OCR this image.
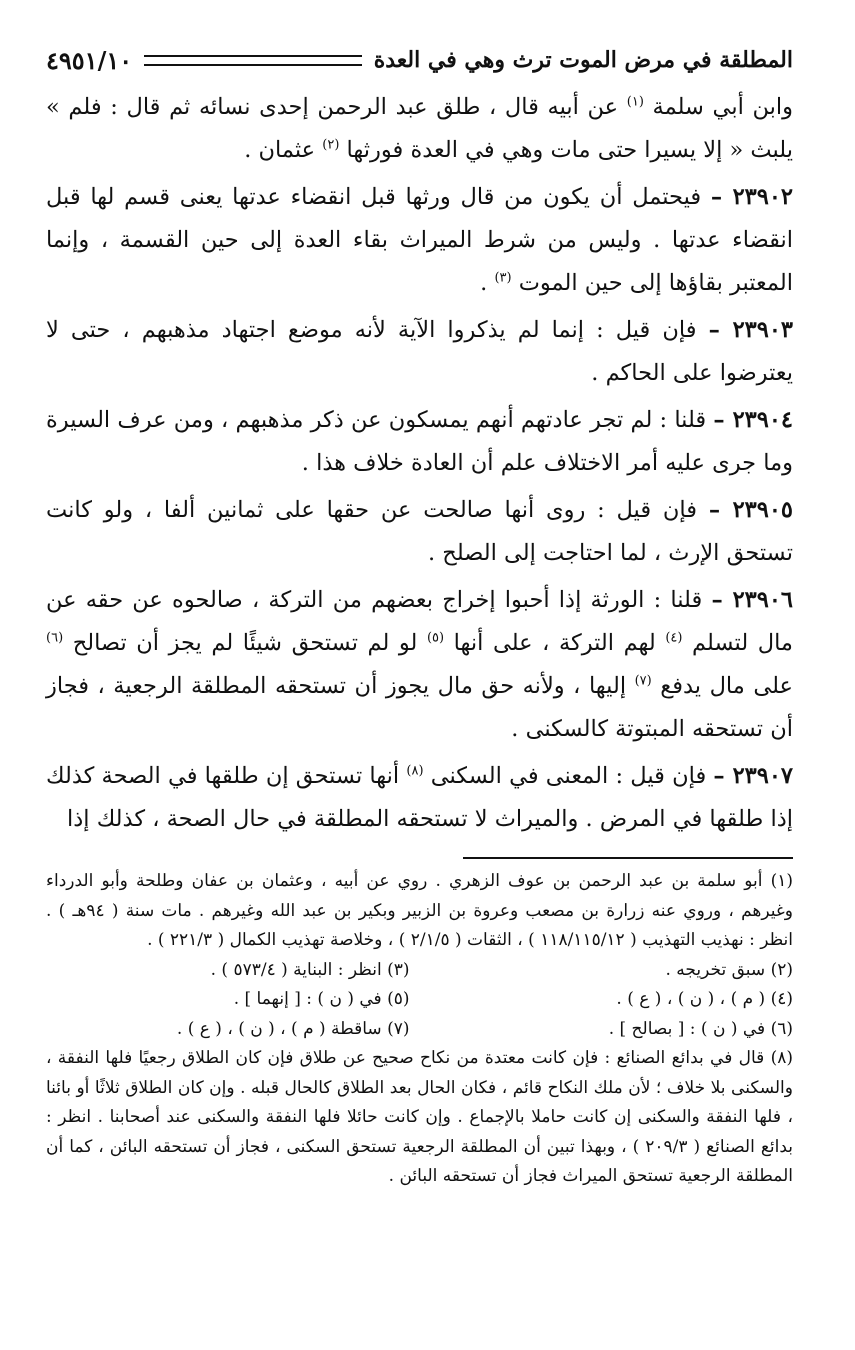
المطلقة في مرض الموت ترث وهي في العدة
٤٩٥١/١٠

وابن أبي سلمة $^{(١)}$ عن أبيه قال ، طلق عبد الرحمن إحدى نسائه ثم قال : فلم » يلبث « إلا يسيرا حتى مات وهي في العدة فورثها $^{(٢)}$ عثمان .

٢٣٩٠٢ – فيحتمل أن يكون من قال ورثها قبل انقضاء عدتها يعنى قسم لها قبل انقضاء عدتها . وليس من شرط الميراث بقاء العدة إلى حين القسمة ، وإنما المعتبر بقاؤها إلى حين الموت $^{(٣)}$ .

٢٣٩٠٣ – فإن قيل : إنما لم يذكروا الآية لأنه موضع اجتهاد مذهبهم ، حتى لا يعترضوا على الحاكم .

٢٣٩٠٤ – قلنا : لم تجر عادتهم أنهم يمسكون عن ذكر مذهبهم ، ومن عرف السيرة وما جرى عليه أمر الاختلاف علم أن العادة خلاف هذا .

٢٣٩٠٥ – فإن قيل : روى أنها صالحت عن حقها على ثمانين ألفا ، ولو كانت تستحق الإرث ، لما احتاجت إلى الصلح .

٢٣٩٠٦ – قلنا : الورثة إذا أحبوا إخراج بعضهم من التركة ، صالحوه عن حقه عن مال لتسلم $^{(٤)}$ لهم التركة ، على أنها $^{(٥)}$ لو لم تستحق شيئًا لم يجز أن تصالح $^{(٦)}$ على مال يدفع $^{(٧)}$ إليها ، ولأنه حق مال يجوز أن تستحقه المطلقة الرجعية ، فجاز أن تستحقه المبتوتة كالسكنى .

٢٣٩٠٧ – فإن قيل : المعنى في السكنى $^{(٨)}$ أنها تستحق إن طلقها في الصحة كذلك إذا طلقها في المرض . والميراث لا تستحقه المطلقة في حال الصحة ، كذلك إذا

(١) أبو سلمة بن عبد الرحمن بن عوف الزهري . روي عن أبيه ، وعثمان بن عفان وطلحة وأبو الدرداء وغيرهم ، وروي عنه زرارة بن مصعب وعروة بن الزبير وبكير بن عبد الله وغيرهم . مات سنة ( ٩٤هـ ) . انظر : نهذيب التهذيب ( ١١٨/١١٥/١٢ ) ، الثقات ( ٢/١/٥ ) ، وخلاصة تهذيب الكمال ( ٢٢١/٣ ) .

(٢) سبق تخريجه .

(٣) انظر : البناية ( ٥٧٣/٤ ) .

(٤) ( م ) ، ( ن ) ، ( ع ) .

(٥) في ( ن ) : [ إنهما ] .

(٦) في ( ن ) : [ بصالح ] .

(٧) ساقطة ( م ) ، ( ن ) ، ( ع ) .

(٨) قال في بدائع الصنائع : فإن كانت معتدة من نكاح صحيح عن طلاق فإن كان الطلاق رجعيًا فلها النفقة ، والسكنى بلا خلاف ؛ لأن ملك النكاح قائم ، فكان الحال بعد الطلاق كالحال قبله . وإن كان الطلاق ثلاثًا أو بائنا ، فلها النفقة والسكنى إن كانت حاملا بالإجماع . وإن كانت حائلا فلها النفقة والسكنى عند أصحابنا . انظر : بدائع الصنائع ( ٢٠٩/٣ ) ، وبهذا تبين أن المطلقة الرجعية تستحق السكنى ، فجاز أن تستحقه البائن ، كما أن المطلقة الرجعية تستحق الميراث فجاز أن تستحقه البائن .
